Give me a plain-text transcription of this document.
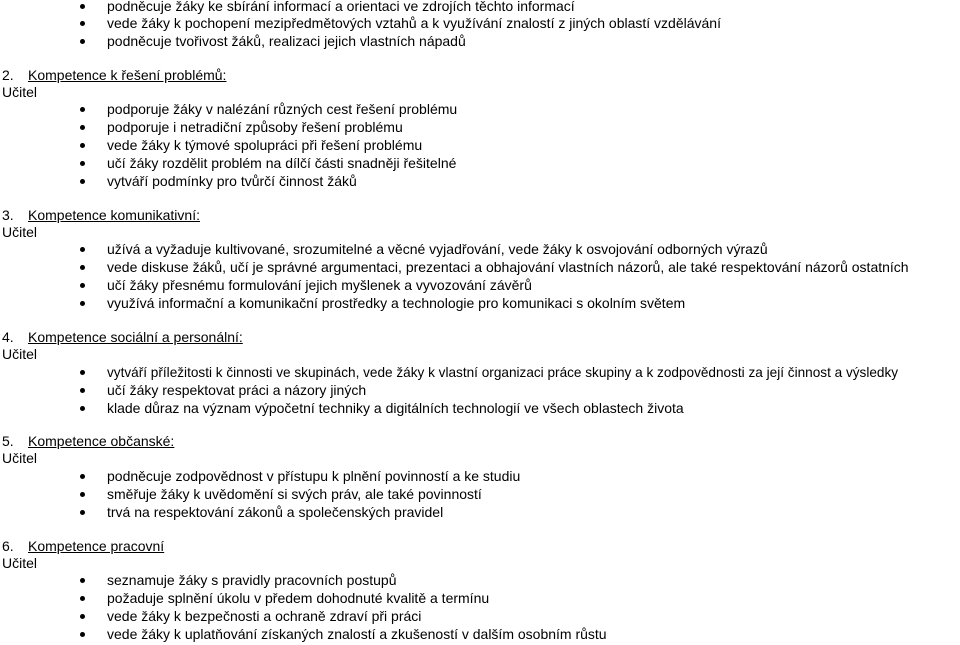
podněcuje žáky ke sbírání informací a orientaci ve zdrojích těchto informací
vede žáky k pochopení mezipředmětových vztahů a k využívání znalostí z jiných oblastí vzdělávání
podněcuje tvořivost žáků, realizaci jejich vlastních nápadů
2. Kompetence k řešení problémů:
Učitel
podporuje žáky v nalézání různých cest řešení problému
podporuje i netradiční způsoby řešení problému
vede žáky k týmové spolupráci při řešení problému
učí žáky rozdělit problém na dílčí části snadněji řešitelné
vytváří podmínky pro tvůrčí činnost žáků
3. Kompetence komunikativní:
Učitel
užívá a vyžaduje kultivované, srozumitelné a věcné vyjadřování, vede žáky k osvojování odborných výrazů
vede diskuse žáků, učí je správné argumentaci, prezentaci a obhajování vlastních názorů, ale také respektování názorů ostatních
učí žáky přesnému formulování jejich myšlenek a vyvozování závěrů
využívá informační a komunikační prostředky a technologie pro komunikaci s okolním světem
4. Kompetence sociální a personální:
Učitel
vytváří příležitosti k činnosti ve skupinách, vede žáky k vlastní organizaci práce skupiny a k zodpovědnosti za její činnost a výsledky
učí žáky respektovat práci a názory jiných
klade důraz na význam výpočetní techniky a digitálních technologií ve všech oblastech života
5. Kompetence občanské:
Učitel
podněcuje zodpovědnost v přístupu k plnění povinností a ke studiu
směřuje žáky k uvědomění si svých práv, ale také povinností
trvá na respektování zákonů a společenských pravidel
6. Kompetence pracovní
Učitel
seznamuje žáky s pravidly pracovních postupů
požaduje splnění úkolu v předem dohodnuté kvalitě a termínu
vede žáky k bezpečnosti a ochraně zdraví při práci
vede žáky k uplatňování získaných znalostí a zkušeností v dalším osobním růstu
